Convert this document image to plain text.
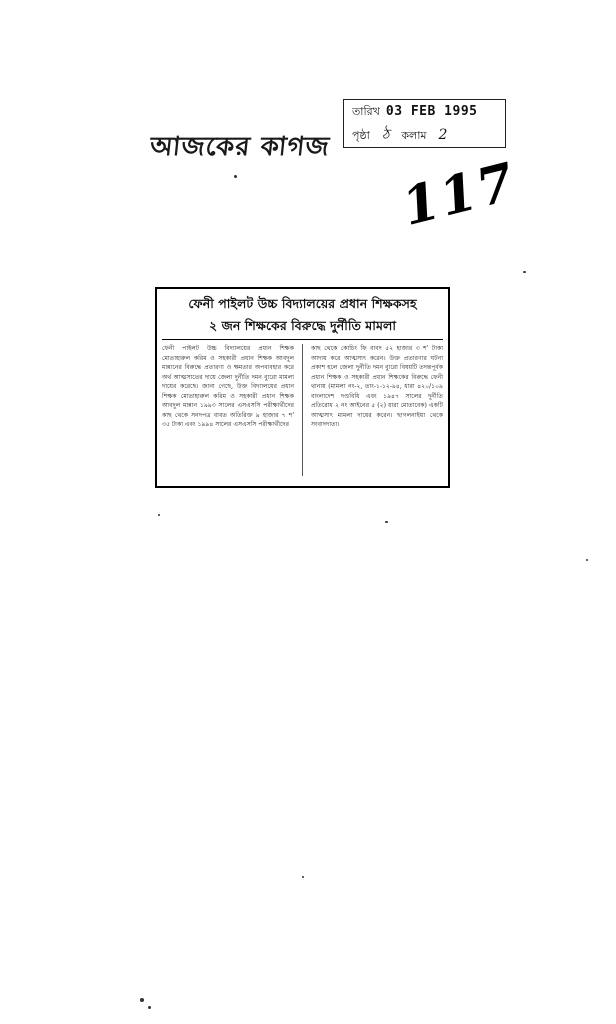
আজকের কাগজ
তারিখ 03 FEB 1995
পৃষ্ঠা ঠ কলাম 2
117
ফেনী পাইলট উচ্চ বিদ্যালয়ের প্রধান শিক্ষকসহ
২ জন শিক্ষকের বিরুদ্ধে দুর্নীতি মামলা
ফেনী পাইলট উচ্চ বিদ্যালয়ের প্রধান শিক্ষক মোতাহারুল করিম ও সহকারী প্রধান শিক্ষক আবদুল মান্নানের বিরুদ্ধে প্রতারণা ও ক্ষমতার অপব্যবহার করে অর্থ আত্মসাতের দায়ে জেলা দুর্নীতি দমন ব্যুরো মামলা দায়ের করেছে। জানা গেছে, উক্ত বিদ্যালয়ের প্রধান শিক্ষক মোতাহারুল করিম ও সহকারী প্রধান শিক্ষক আবদুল মান্নান ১৯৯৩ সালের এসএসসি পরীক্ষার্থীদের কাছ থেকে সনদপত্র বাবত অতিরিক্ত ৯ হাজার ৭ শ' ৩৫ টাকা এবং ১৯৯৪ সালের এসএসসি পরীক্ষার্থীদের
কাছ থেকে কোচিং ফি বাবদ ৫২ হাজার ৩ শ' টাকা আদায় করে আত্মসাৎ করেন। উক্ত প্রতারণার ঘটনা প্রকাশ হলে জেলা দুর্নীতি দমন ব্যুরো বিষয়টি তদন্তপূর্বক প্রধান শিক্ষক ও সহকারী প্রধান শিক্ষকের বিরুদ্ধে ফেনী থানায় (মামলা নং-২, তাং-১-১২-৯৪, ধারা ৪২০/১০৯ বাংলাদেশ দণ্ডবিধি এবং ১৯৪৭ সালের দুর্নীতি প্রতিরোধ ২ নং আইনের ৫ (২) ধারা মোতাবেক) একটি আত্মসাৎ মামলা দায়ের করেন। ছাগলনাইয়া থেকে সংবাদদাতা।
